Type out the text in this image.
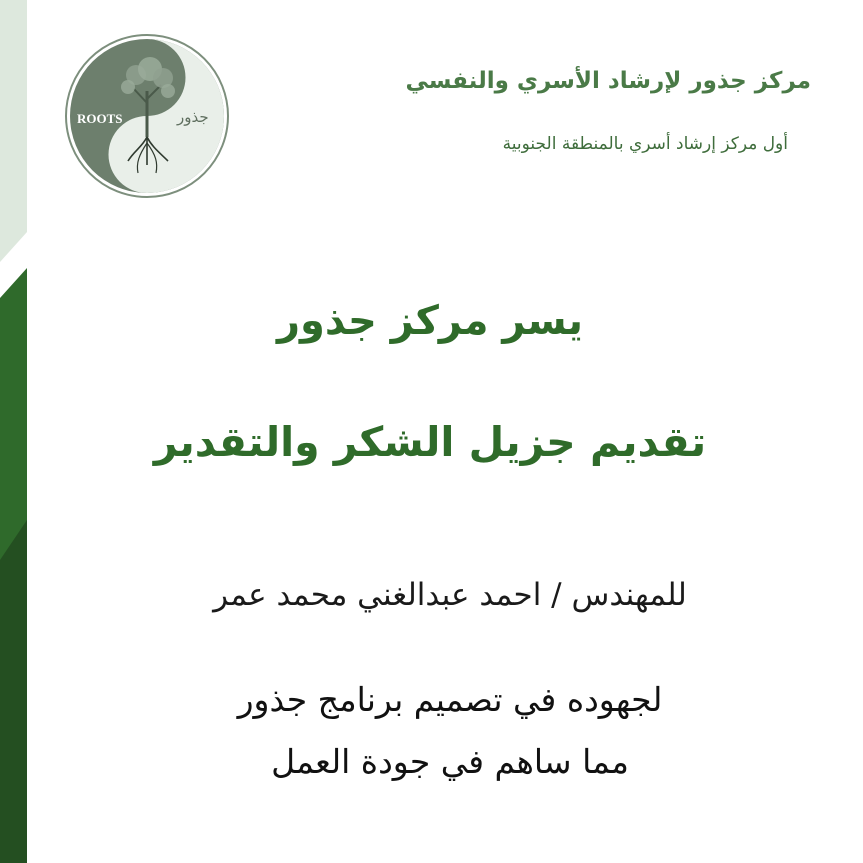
ROOTS	جذور
مركز جذور لإرشاد الأسري والنفسي
أول مركز إرشاد أسري بالمنطقة الجنوبية
يسر مركز جذور
تقديم جزيل الشكر والتقدير
للمهندس / احمد عبدالغني محمد عمر
لجهوده في تصميم برنامج جذور
مما ساهم في جودة العمل
